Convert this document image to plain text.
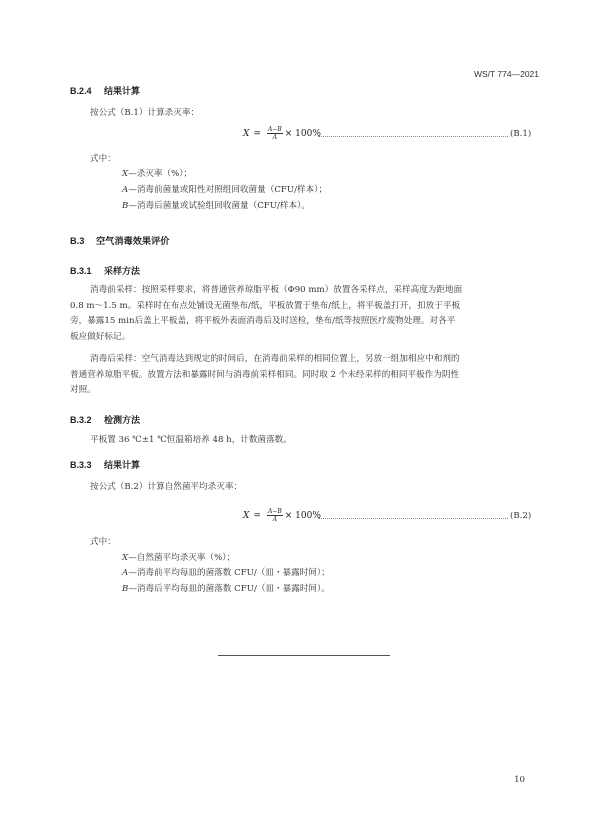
WS/T 774—2021
B.2.4 结果计算
按公式（B.1）计算杀灭率：
$X = \frac{A-B}{A} \times 100\%$	(B.1)
式中：
X—杀灭率（%）；
A—消毒前菌量或阳性对照组回收菌量（CFU/样本）；
B—消毒后菌量或试验组回收菌量（CFU/样本）。
B.3 空气消毒效果评价
B.3.1 采样方法
消毒前采样：按照采样要求，将普通营养琼脂平板（Φ90 mm）放置各采样点，采样高度为距地面
0.8 m～1.5 m。采样时在布点处铺设无菌垫布/纸，平板放置于垫布/纸上，将平板盖打开，扣放于平板
旁，暴露15 min后盖上平板盖，将平板外表面消毒后及时送检，垫布/纸等按照医疗废物处理。对各平
板应做好标记。
消毒后采样：空气消毒达到规定的时间后，在消毒前采样的相同位置上，另放一组加相应中和剂的
普通营养琼脂平板。放置方法和暴露时间与消毒前采样相同。同时取 2 个未经采样的相同平板作为阴性
对照。
B.3.2 检测方法
平板置 36 ℃±1 ℃恒温箱培养 48 h，计数菌落数。
B.3.3 结果计算
按公式（B.2）计算自然菌平均杀灭率：
$X = \frac{A-B}{A} \times 100\%$	(B.2)
式中：
X—自然菌平均杀灭率（%）；
A—消毒前平均每皿的菌落数 CFU/（皿・暴露时间）；
B—消毒后平均每皿的菌落数 CFU/（皿・暴露时间）。
10
